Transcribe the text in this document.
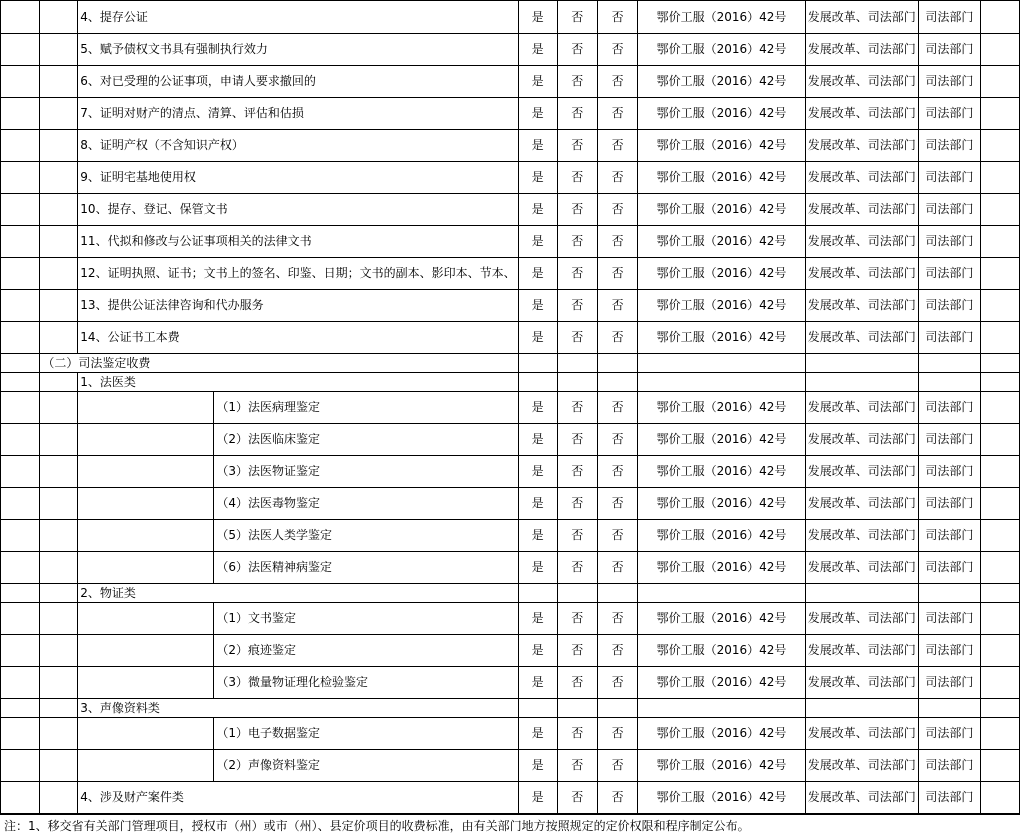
		4、提存公证		是	否	否	鄂价工服（2016）42号	发展改革、司法部门	司法部门	
		5、赋予债权文书具有强制执行效力		是	否	否	鄂价工服（2016）42号	发展改革、司法部门	司法部门	
		6、对已受理的公证事项，申请人要求撤回的		是	否	否	鄂价工服（2016）42号	发展改革、司法部门	司法部门	
		7、证明对财产的清点、清算、评估和估损		是	否	否	鄂价工服（2016）42号	发展改革、司法部门	司法部门	
		8、证明产权（不含知识产权）		是	否	否	鄂价工服（2016）42号	发展改革、司法部门	司法部门	
		9、证明宅基地使用权		是	否	否	鄂价工服（2016）42号	发展改革、司法部门	司法部门	
		10、提存、登记、保管文书		是	否	否	鄂价工服（2016）42号	发展改革、司法部门	司法部门	
		11、代拟和修改与公证事项相关的法律文书		是	否	否	鄂价工服（2016）42号	发展改革、司法部门	司法部门	
		12、证明执照、证书；文书上的签名、印鉴、日期；文书的副本、影印本、节本、		是	否	否	鄂价工服（2016）42号	发展改革、司法部门	司法部门	
		13、提供公证法律咨询和代办服务		是	否	否	鄂价工服（2016）42号	发展改革、司法部门	司法部门	
		14、公证书工本费		是	否	否	鄂价工服（2016）42号	发展改革、司法部门	司法部门	
	（二）司法鉴定收费									
		1、法医类								
			（1）法医病理鉴定	是	否	否	鄂价工服（2016）42号	发展改革、司法部门	司法部门	
			（2）法医临床鉴定	是	否	否	鄂价工服（2016）42号	发展改革、司法部门	司法部门	
			（3）法医物证鉴定	是	否	否	鄂价工服（2016）42号	发展改革、司法部门	司法部门	
			（4）法医毒物鉴定	是	否	否	鄂价工服（2016）42号	发展改革、司法部门	司法部门	
			（5）法医人类学鉴定	是	否	否	鄂价工服（2016）42号	发展改革、司法部门	司法部门	
			（6）法医精神病鉴定	是	否	否	鄂价工服（2016）42号	发展改革、司法部门	司法部门	
		2、物证类								
			（1）文书鉴定	是	否	否	鄂价工服（2016）42号	发展改革、司法部门	司法部门	
			（2）痕迹鉴定	是	否	否	鄂价工服（2016）42号	发展改革、司法部门	司法部门	
			（3）微量物证理化检验鉴定	是	否	否	鄂价工服（2016）42号	发展改革、司法部门	司法部门	
		3、声像资料类								
			（1）电子数据鉴定	是	否	否	鄂价工服（2016）42号	发展改革、司法部门	司法部门	
			（2）声像资料鉴定	是	否	否	鄂价工服（2016）42号	发展改革、司法部门	司法部门	
		4、涉及财产案件类		是	否	否	鄂价工服（2016）42号	发展改革、司法部门	司法部门	
注：1、移交省有关部门管理项目，授权市（州）或市（州）、县定价项目的收费标准，由有关部门地方按照规定的定价权限和程序制定公布。
